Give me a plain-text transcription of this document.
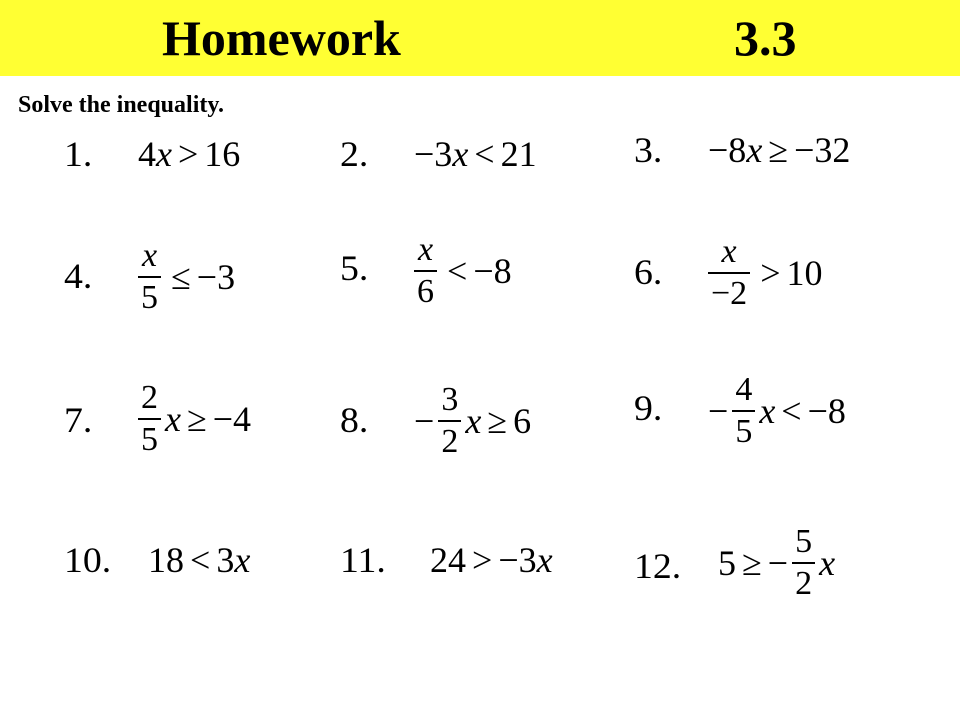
Homework	3.3
Solve the inequality.
1. 4 x > 16	2. −3 x < 21	3. −8 x ≥ −32
4. $\frac{x}{5} \le -3$	5. $\frac{x}{6} < -8$	6. $\frac{x}{-2} > 10$
7. $\frac{2}{5}$ x ≥ −4 8. − $\frac{3}{2}$ x ≥ 6	9. − $\frac{4}{5}$ x < −8
10. 18 < 3 x 11. 24 > −3 x 12. 5 ≥ − $\frac{5}{2}$ x
